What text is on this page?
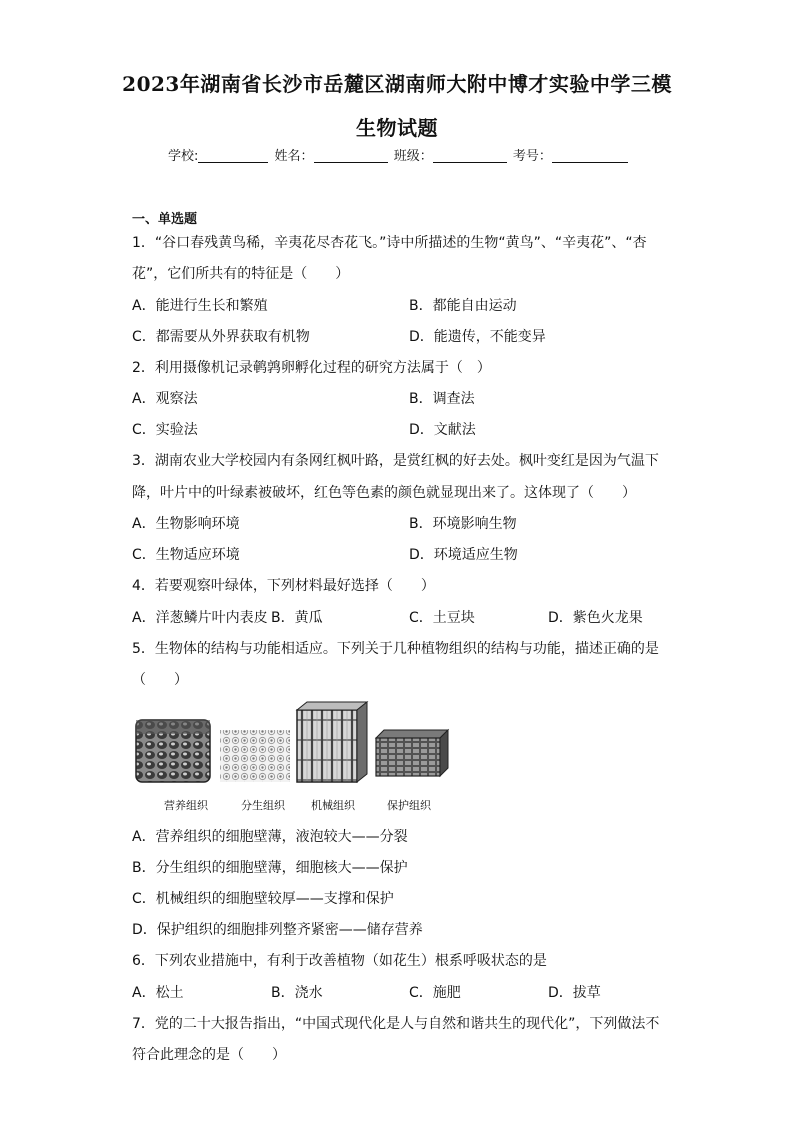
2023年湖南省长沙市岳麓区湖南师大附中博才实验中学三模
生物试题
学校:	姓名：	班级：	考号：
一、单选题
1．“谷口春残黄鸟稀，辛夷花尽杏花飞。”诗中所描述的生物“黄鸟”、“辛夷花”、“杏
花”，它们所共有的特征是（　　）
A．能进行生长和繁殖	B．都能自由运动
C．都需要从外界获取有机物	D．能遗传，不能变异
2．利用摄像机记录鹌鹑卵孵化过程的研究方法属于（　）
A．观察法	B．调查法
C．实验法	D．文献法
3．湖南农业大学校园内有条网红枫叶路，是赏红枫的好去处。枫叶变红是因为气温下
降，叶片中的叶绿素被破坏，红色等色素的颜色就显现出来了。这体现了（　　）
A．生物影响环境	B．环境影响生物
C．生物适应环境	D．环境适应生物
4．若要观察叶绿体，下列材料最好选择（　　）
A．洋葱鳞片叶内表皮 B．黄瓜	C．土豆块	D．紫色火龙果
5．生物体的结构与功能相适应。下列关于几种植物组织的结构与功能，描述正确的是
（　　）
营养组织	分生组织 机械组织	保护组织
A．营养组织的细胞壁薄，液泡较大——分裂
B．分生组织的细胞壁薄，细胞核大——保护
C．机械组织的细胞壁较厚——支撑和保护
D．保护组织的细胞排列整齐紧密——储存营养
6．下列农业措施中，有利于改善植物（如花生）根系呼吸状态的是
A．松土	B．浇水	C．施肥	D．拔草
7．党的二十大报告指出，“中国式现代化是人与自然和谐共生的现代化”，下列做法不
符合此理念的是（　　）
